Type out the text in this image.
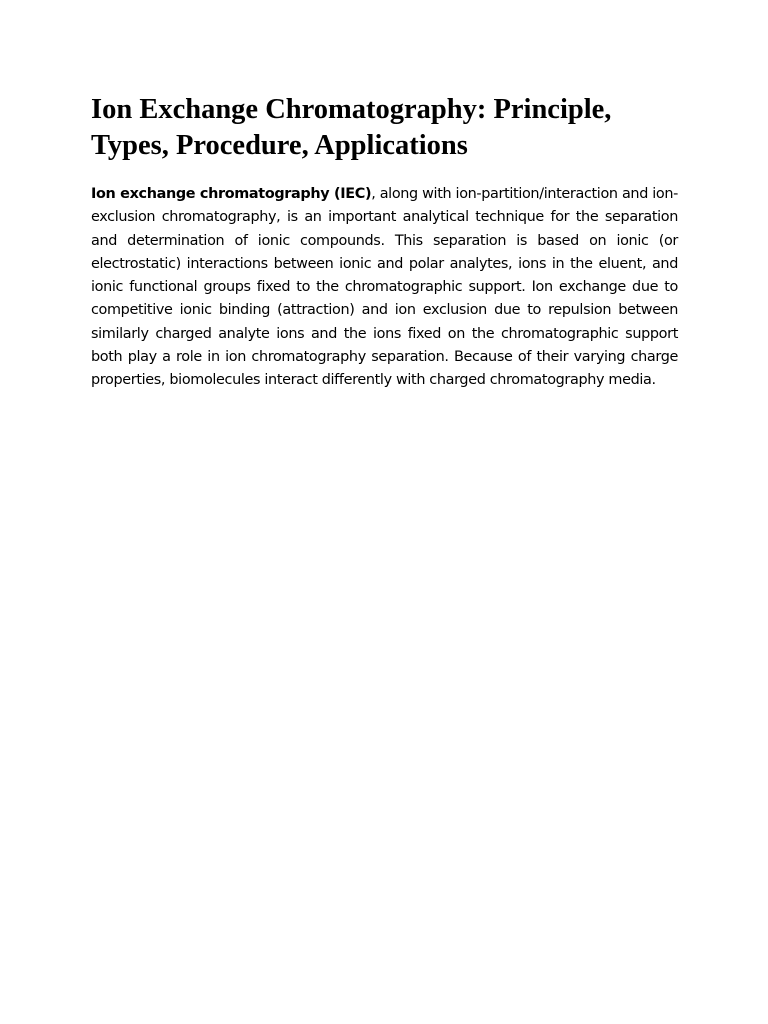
Ion Exchange Chromatography: Principle, Types, Procedure, Applications

Ion exchange chromatography (IEC), along with ion-partition/interaction and ion-exclusion chromatography, is an important analytical technique for the separation and determination of ionic compounds. This separation is based on ionic (or electrostatic) interactions between ionic and polar analytes, ions in the eluent, and ionic functional groups fixed to the chromatographic support. Ion exchange due to competitive ionic binding (attraction) and ion exclusion due to repulsion between similarly charged analyte ions and the ions fixed on the chromatographic support both play a role in ion chromatography separation. Because of their varying charge properties, biomolecules interact differently with charged chromatography media.
